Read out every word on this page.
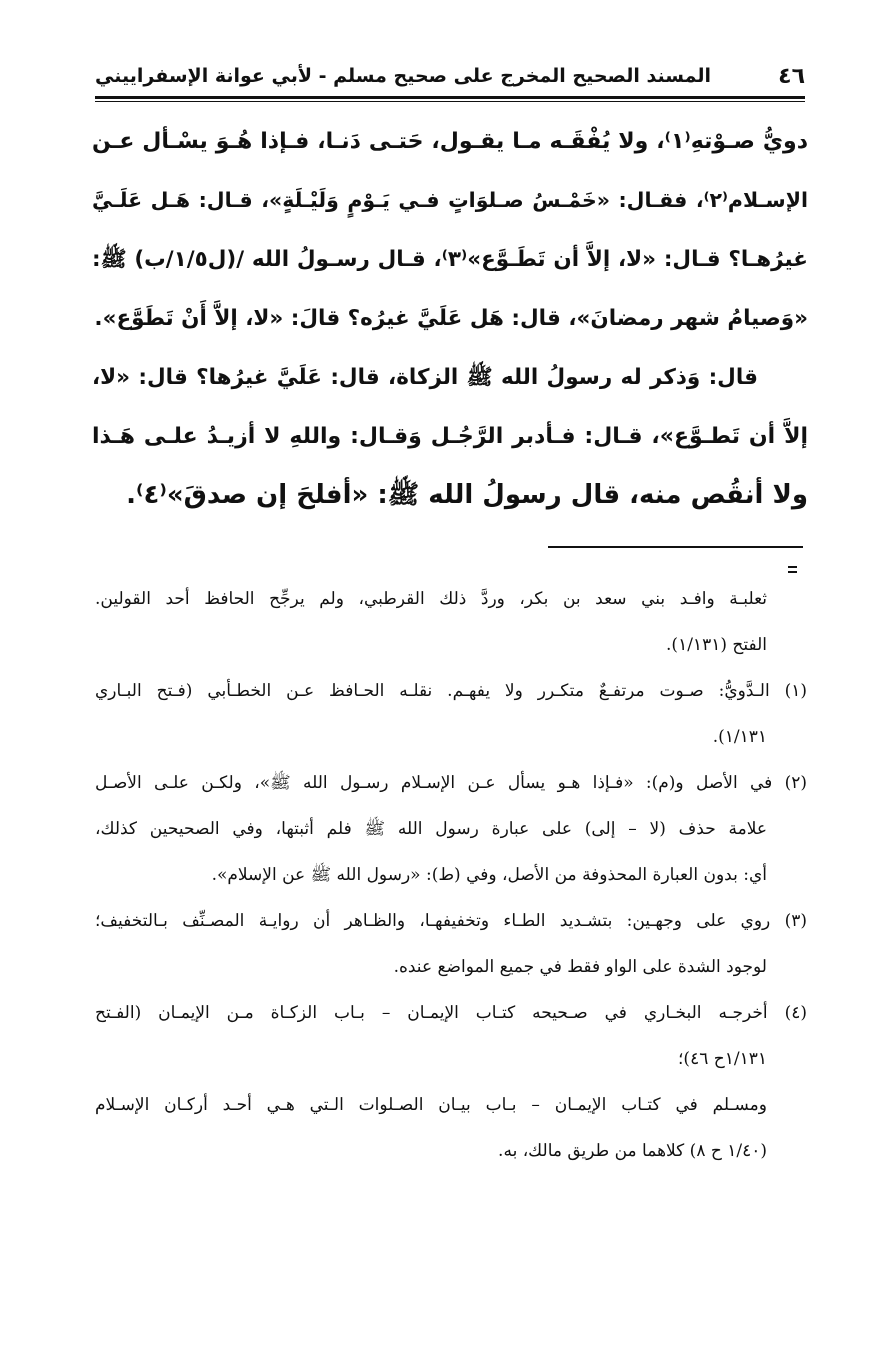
٤٦
المسند الصحيح المخرج على صحيح مسلم - لأبي عوانة الإسفراييني
دويُّ صـوْتهِ⁽١⁾، ولا يُفْقَـه مـا يقـول، حَتـى دَنـا، فـإذا هُـوَ يسْـأل عـن
الإسـلام⁽٢⁾، فقـال: «خَمْـسُ صـلوَاتٍ فـي يَـوْمٍ وَلَيْـلَةٍ»، قـال: هَـل عَلَـيَّ
غيرُهـا؟ قـال: «لا، إلاَّ أن تَطَـوَّع»⁽٣⁾، قـال رسـولُ الله /(ل١/٥/ب) ﷺ:
«وَصيامُ شهر رمضانَ»، قال: هَل عَلَيَّ غيرُه؟ قالَ: «لا، إلاَّ أَنْ تَطَوَّع».
قال: وَذكر له رسولُ الله ﷺ الزكاة، قال: عَلَيَّ غيرُها؟ قال: «لا،
إلاَّ أن تَطـوَّع»، قـال: فـأدبر الرَّجُـل وَقـال: واللهِ لا أزيـدُ علـى هَـذا
ولا أنقُص منه، قال رسولُ الله ﷺ: «أفلحَ إن صدقَ»⁽٤⁾.
ثعلبـة وافـد بني سعد بن بكر، وردَّ ذلك القرطبي، ولم يرجِّح الحافظ أحد القولين.
الفتح (١/١٣١).
(١) الـدَّويُّ: صـوت مرتفـعٌ متكـرر ولا يفهـم. نقلـه الحـافظ عـن الخطـأبي (فـتح البـاري
١/١٣١).
(٢) في الأصل و(م): «فـإذا هـو يسأل عـن الإسـلام رسـول الله ﷺ»، ولكـن علـى الأصـل
علامة حذف (لا – إلى) على عبارة رسول الله ﷺ فلم أثبتها، وفي الصحيحين كذلك،
أي: بدون العبارة المحذوفة من الأصل، وفي (ط): «رسول الله ﷺ عن الإسلام».
(٣) روي على وجهـين: بتشـديد الطـاء وتخفيفهـا، والظـاهر أن روايـة المصـنِّف بـالتخفيف؛
لوجود الشدة على الواو فقط في جميع المواضع عنده.
(٤) أخرجـه البخـاري في صـحيحه كتـاب الإيمـان – بـاب الزكـاة مـن الإيمـان (الفـتح
١/١٣١ح ٤٦)؛
ومسـلم في كتـاب الإيمـان – بـاب بيـان الصـلوات الـتي هـي أحـد أركـان الإسـلام
(١/٤٠ ح ٨) كلاهما من طريق مالك، به.
